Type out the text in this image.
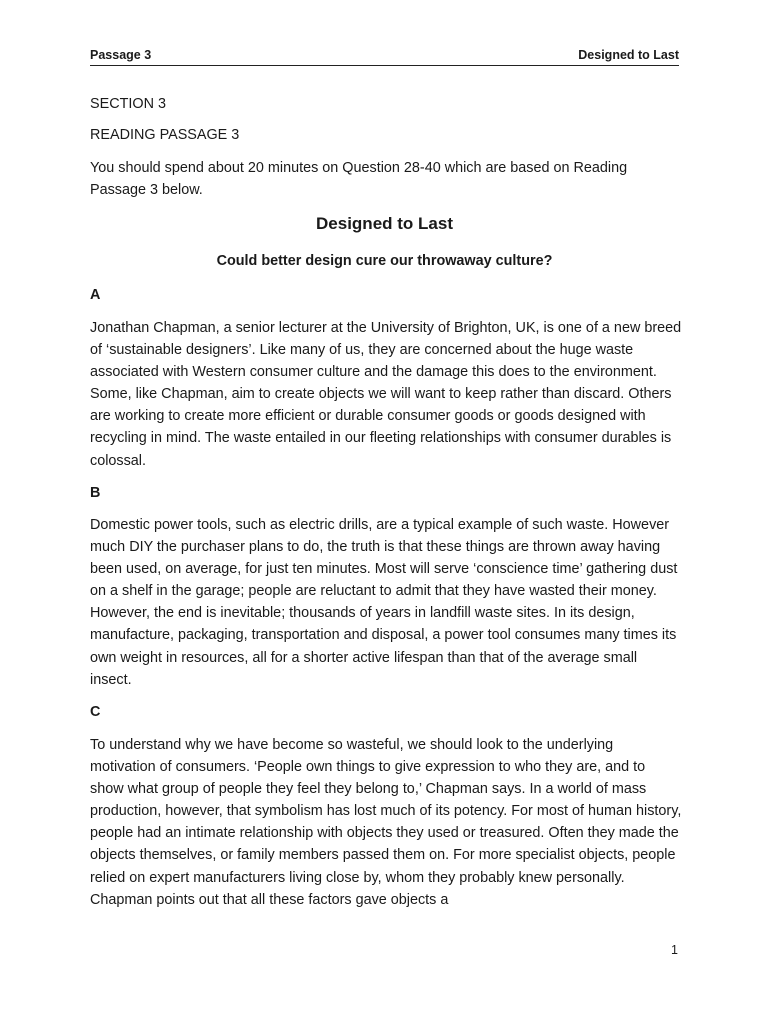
Passage 3	Designed to Last

SECTION 3

READING PASSAGE 3

You should spend about 20 minutes on Question 28-40 which are based on Reading Passage 3 below.

Designed to Last
Could better design cure our throwaway culture?
A

Jonathan Chapman, a senior lecturer at the University of Brighton, UK, is one of a new breed of ‘sustainable designers’. Like many of us, they are concerned about the huge waste associated with Western consumer culture and the damage this does to the environment. Some, like Chapman, aim to create objects we will want to keep rather than discard. Others are working to create more efficient or durable consumer goods or goods designed with recycling in mind. The waste entailed in our fleeting relationships with consumer durables is colossal.

B

Domestic power tools, such as electric drills, are a typical example of such waste. However much DIY the purchaser plans to do, the truth is that these things are thrown away having been used, on average, for just ten minutes. Most will serve ‘conscience time’ gathering dust on a shelf in the garage; people are reluctant to admit that they have wasted their money. However, the end is inevitable; thousands of years in landfill waste sites. In its design, manufacture, packaging, transportation and disposal, a power tool consumes many times its own weight in resources, all for a shorter active lifespan than that of the average small insect.

C

To understand why we have become so wasteful, we should look to the underlying motivation of consumers. ‘People own things to give expression to who they are, and to show what group of people they feel they belong to,’ Chapman says. In a world of mass production, however, that symbolism has lost much of its potency. For most of human history, people had an intimate relationship with objects they used or treasured. Often they made the objects themselves, or family members passed them on. For more specialist objects, people relied on expert manufacturers living close by, whom they probably knew personally. Chapman points out that all these factors gave objects a

1
